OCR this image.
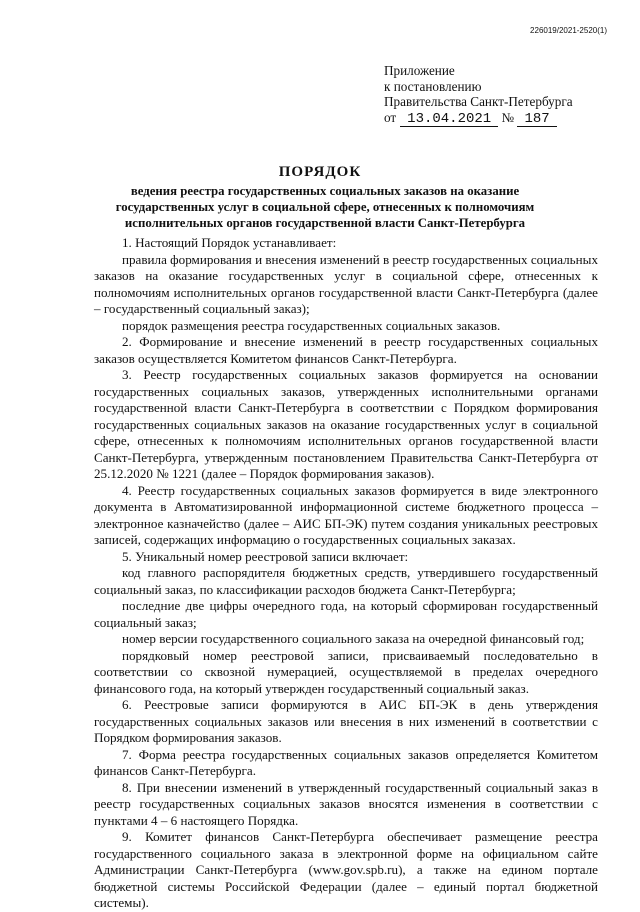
226019/2021-2520(1)
Приложение
к постановлению
Правительства Санкт-Петербурга
от 13.04.2021 № 187
ПОРЯДОК
ведения реестра государственных социальных заказов на оказание
государственных услуг в социальной сфере, отнесенных к полномочиям
исполнительных органов государственной власти Санкт-Петербурга

1. Настоящий Порядок устанавливает:

правила формирования и внесения изменений в реестр государственных социальных заказов на оказание государственных услуг в социальной сфере, отнесенных к полномочиям исполнительных органов государственной власти Санкт-Петербурга (далее – государственный социальный заказ);

порядок размещения реестра государственных социальных заказов.

2. Формирование и внесение изменений в реестр государственных социальных заказов осуществляется Комитетом финансов Санкт-Петербурга.

3. Реестр государственных социальных заказов формируется на основании государственных социальных заказов, утвержденных исполнительными органами государственной власти Санкт-Петербурга в соответствии с Порядком формирования государственных социальных заказов на оказание государственных услуг в социальной сфере, отнесенных к полномочиям исполнительных органов государственной власти Санкт-Петербурга, утвержденным постановлением Правительства Санкт-Петербурга от 25.12.2020 № 1221 (далее – Порядок формирования заказов).

4. Реестр государственных социальных заказов формируется в виде электронного документа в Автоматизированной информационной системе бюджетного процесса – электронное казначейство (далее – АИС БП-ЭК) путем создания уникальных реестровых записей, содержащих информацию о государственных социальных заказах.

5. Уникальный номер реестровой записи включает:

код главного распорядителя бюджетных средств, утвердившего государственный социальный заказ, по классификации расходов бюджета Санкт-Петербурга;

последние две цифры очередного года, на который сформирован государственный социальный заказ;

номер версии государственного социального заказа на очередной финансовый год;

порядковый номер реестровой записи, присваиваемый последовательно в соответствии со сквозной нумерацией, осуществляемой в пределах очередного финансового года, на который утвержден государственный социальный заказ.

6. Реестровые записи формируются в АИС БП-ЭК в день утверждения государственных социальных заказов или внесения в них изменений в соответствии с Порядком формирования заказов.

7. Форма реестра государственных социальных заказов определяется Комитетом финансов Санкт-Петербурга.

8. При внесении изменений в утвержденный государственный социальный заказ в реестр государственных социальных заказов вносятся изменения в соответствии с пунктами 4 – 6 настоящего Порядка.

9. Комитет финансов Санкт-Петербурга обеспечивает размещение реестра государственного социального заказа в электронной форме на официальном сайте Администрации Санкт-Петербурга (www.gov.spb.ru), а также на едином портале бюджетной системы Российской Федерации (далее – единый портал бюджетной системы).
